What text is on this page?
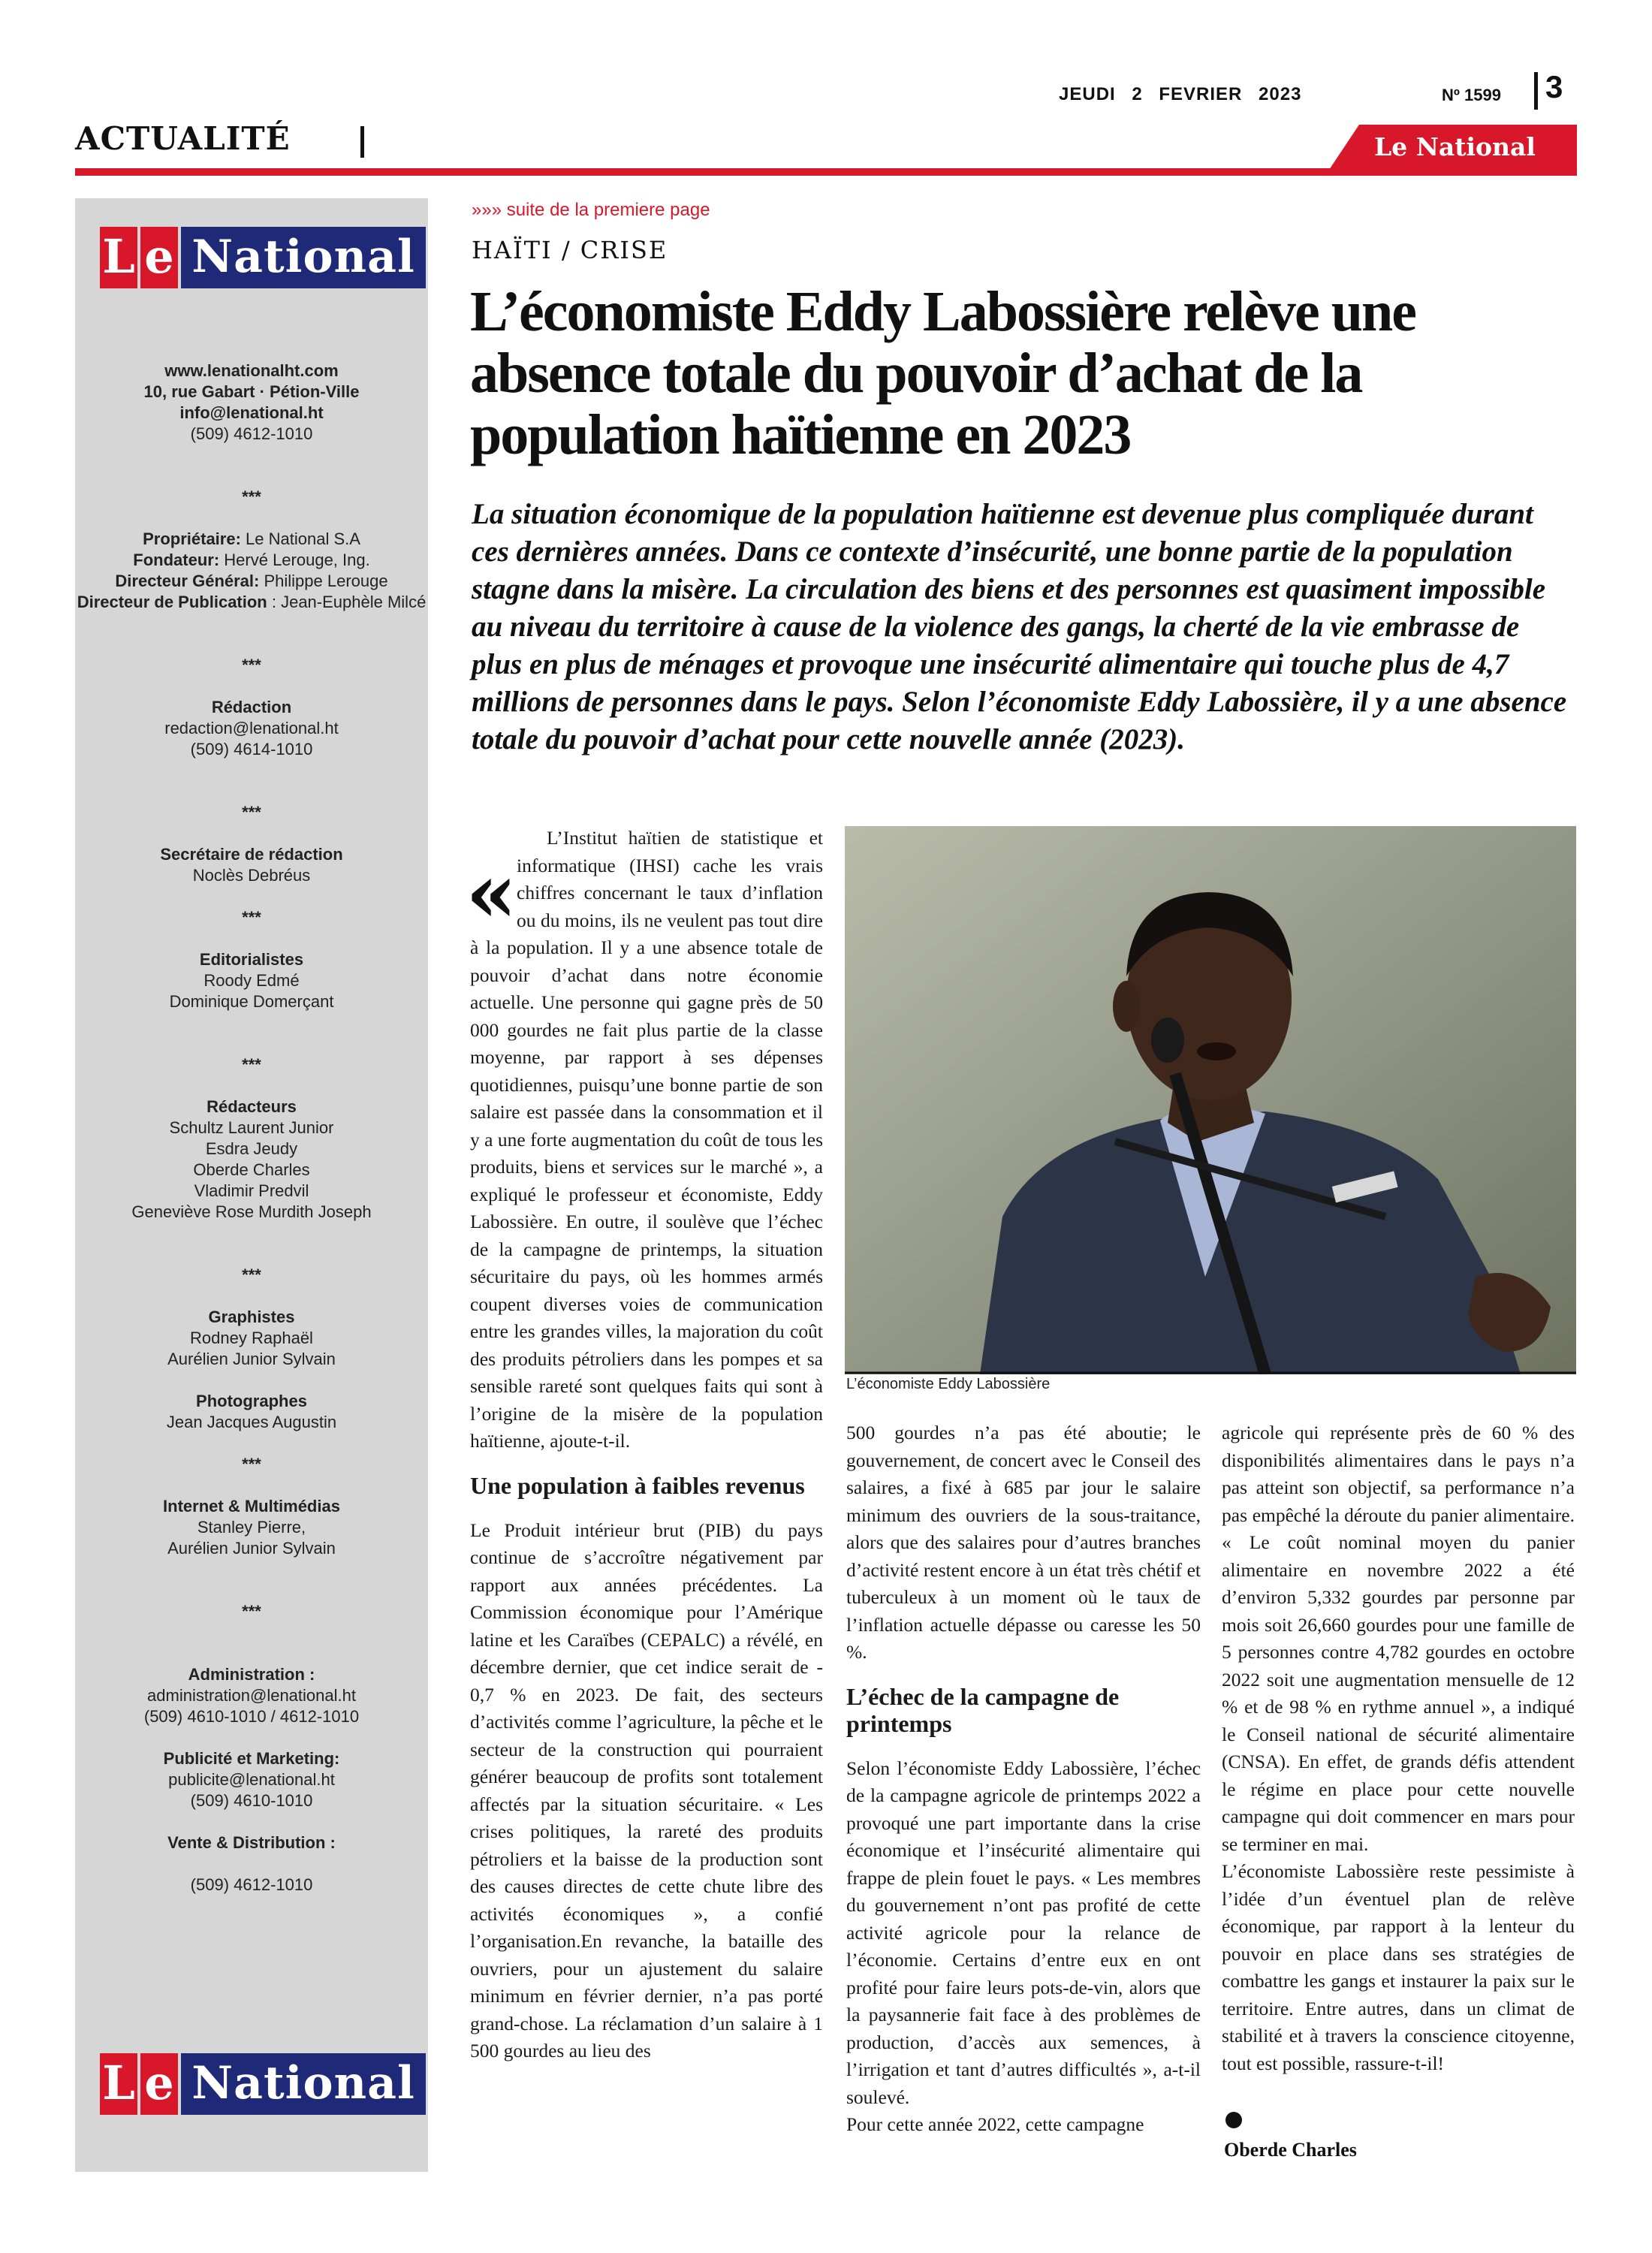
JEUDI 2 FEVRIER 2023	Nº 1599 3
ACTUALITÉ	Le National
L e National
www.lenationalht.com
10, rue Gabart · Pétion-Ville
info@lenational.ht
(509) 4612-1010
***
Propriétaire: Le National S.A
Fondateur: Hervé Lerouge, Ing.
Directeur Général: Philippe Lerouge
Directeur de Publication : Jean-Euphèle Milcé
***
Rédaction
redaction@lenational.ht
(509) 4614-1010
***
Secrétaire de rédaction
Noclès Debréus
***
Editorialistes
Roody Edmé
Dominique Domerçant
***
Rédacteurs
Schultz Laurent Junior
Esdra Jeudy
Oberde Charles
Vladimir Predvil
Geneviève Rose Murdith Joseph
***
Graphistes
Rodney Raphaël
Aurélien Junior Sylvain
Photographes
Jean Jacques Augustin
***
Internet & Multimédias
Stanley Pierre,
Aurélien Junior Sylvain
***
Administration :
administration@lenational.ht
(509) 4610-1010 / 4612-1010
Publicité et Marketing:
publicite@lenational.ht
(509) 4610-1010
Vente & Distribution :
(509) 4612-1010
L e National
»»» suite de la premiere page
HAÏTI / CRISE
L’économiste Eddy Labossière relève une absence totale du pouvoir d’achat de la population haïtienne en 2023
La situation économique de la population haïtienne est devenue plus compliquée durant ces dernières années. Dans ce contexte d’insécurité, une bonne partie de la population stagne dans la misère. La circulation des biens et des personnes est quasiment impossible au niveau du territoire à cause de la violence des gangs, la cherté de la vie embrasse de plus en plus de ménages et provoque une insécurité alimentaire qui touche plus de 4,7 millions de personnes dans le pays. Selon l’économiste Eddy Labossière, il y a une absence totale du pouvoir d’achat pour cette nouvelle année (2023).
L’économiste Eddy Labossière
«

L’Institut haïtien de statistique et informatique (IHSI) cache les vrais chiffres concernant le taux d’inflation ou du moins, ils ne veulent pas tout dire à la population. Il y a une absence totale de pouvoir d’achat dans notre économie actuelle. Une personne qui gagne près de 50 000 gourdes ne fait plus partie de la classe moyenne, par rapport à ses dépenses quotidiennes, puisqu’une bonne partie de son salaire est passée dans la consommation et il y a une forte augmentation du coût de tous les produits, biens et services sur le marché », a expliqué le professeur et économiste, Eddy Labossière. En outre, il soulève que l’échec de la campagne de printemps, la situation sécuritaire du pays, où les hommes armés coupent diverses voies de communication entre les grandes villes, la majoration du coût des produits pétroliers dans les pompes et sa sensible rareté sont quelques faits qui sont à l’origine de la misère de la population haïtienne, ajoute-t-il.

Une population à faibles revenus

Le Produit intérieur brut (PIB) du pays continue de s’accroître négativement par rapport aux années précédentes. La Commission économique pour l’Amérique latine et les Caraïbes (CEPALC) a révélé, en décembre dernier, que cet indice serait de - 0,7 % en 2023. De fait, des secteurs d’activités comme l’agriculture, la pêche et le secteur de la construction qui pourraient générer beaucoup de profits sont totalement affectés par la situation sécuritaire. « Les crises politiques, la rareté des produits pétroliers et la baisse de la production sont des causes directes de cette chute libre des activités économiques », a confié l’organisation.En revanche, la bataille des ouvriers, pour un ajustement du salaire minimum en février dernier, n’a pas porté grand-chose. La réclamation d’un salaire à 1 500 gourdes au lieu des

500 gourdes n’a pas été aboutie; le gouvernement, de concert avec le Conseil des salaires, a fixé à 685 par jour le salaire minimum des ouvriers de la sous-traitance, alors que des salaires pour d’autres branches d’activité restent encore à un état très chétif et tuberculeux à un moment où le taux de l’inflation actuelle dépasse ou caresse les 50 %.

L’échec de la campagne de printemps

Selon l’économiste Eddy Labossière, l’échec de la campagne agricole de printemps 2022 a provoqué une part importante dans la crise économique et l’insécurité alimentaire qui frappe de plein fouet le pays. « Les membres du gouvernement n’ont pas profité de cette activité agricole pour la relance de l’économie. Certains d’entre eux en ont profité pour faire leurs pots-de-vin, alors que la paysannerie fait face à des problèmes de production, d’accès aux semences, à l’irrigation et tant d’autres difficultés », a-t-il soulevé.

Pour cette année 2022, cette campagne

agricole qui représente près de 60 % des disponibilités alimentaires dans le pays n’a pas atteint son objectif, sa performance n’a pas empêché la déroute du panier alimentaire. « Le coût nominal moyen du panier alimentaire en novembre 2022 a été d’environ 5,332 gourdes par personne par mois soit 26,660 gourdes pour une famille de 5 personnes contre 4,782 gourdes en octobre 2022 soit une augmentation mensuelle de 12 % et de 98 % en rythme annuel », a indiqué le Conseil national de sécurité alimentaire (CNSA). En effet, de grands défis attendent le régime en place pour cette nouvelle campagne qui doit commencer en mars pour se terminer en mai.

L’économiste Labossière reste pessimiste à l’idée d’un éventuel plan de relève économique, par rapport à la lenteur du pouvoir en place dans ses stratégies de combattre les gangs et instaurer la paix sur le territoire. Entre autres, dans un climat de stabilité et à travers la conscience citoyenne, tout est possible, rassure-t-il!

Oberde Charles
